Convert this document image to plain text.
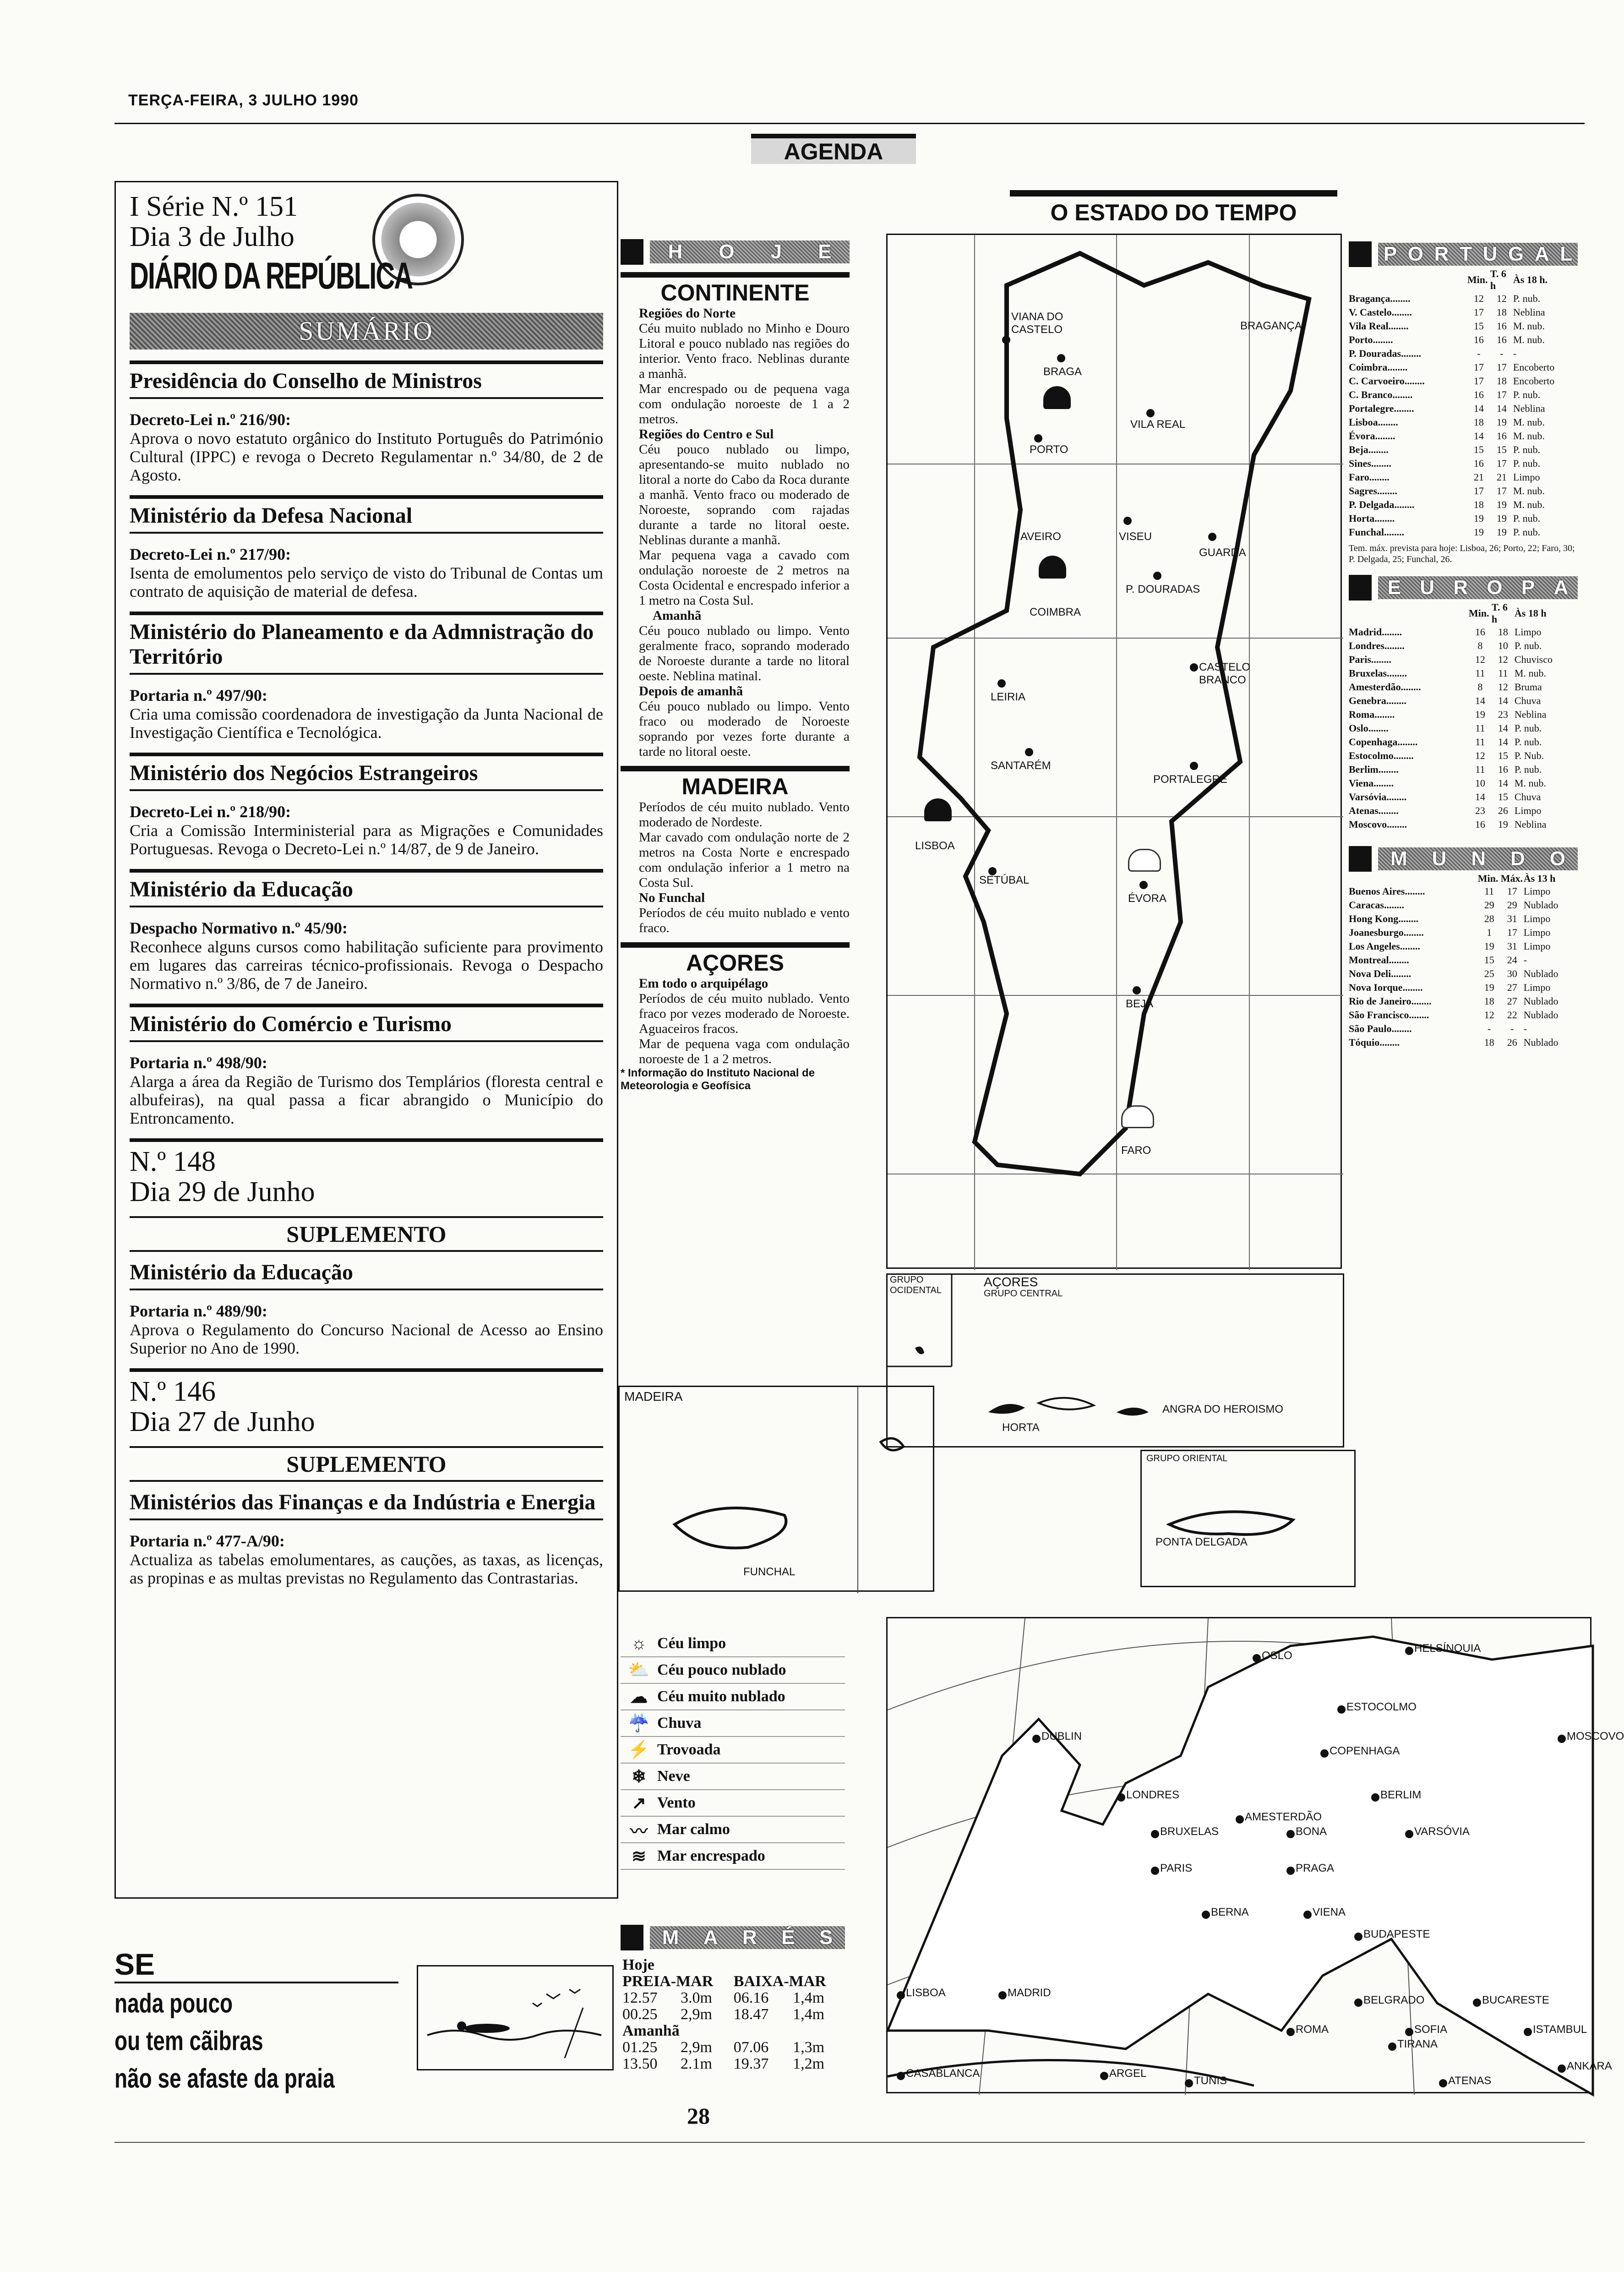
TERÇA-FEIRA, 3 JULHO 1990
AGENDA
I Série N.º 151
Dia 3 de Julho
DIÁRIO DA REPÚBLICA
SUMÁRIO
Presidência do Conselho de Ministros
Decreto-Lei n.º 216/90:
Aprova o novo estatuto orgânico do Instituto Português do Património Cultural (IPPC) e revoga o Decreto Regulamentar n.º 34/80, de 2 de Agosto.
Ministério da Defesa Nacional
Decreto-Lei n.º 217/90:
Isenta de emolumentos pelo serviço de visto do Tribunal de Contas um contrato de aquisição de material de defesa.
Ministério do Planeamento e da Admnistração do Território
Portaria n.º 497/90:
Cria uma comissão coordenadora de investigação da Junta Nacional de Investigação Científica e Tecnológica.
Ministério dos Negócios Estrangeiros
Decreto-Lei n.º 218/90:
Cria a Comissão Interministerial para as Migrações e Comunidades Portuguesas. Revoga o Decreto-Lei n.º 14/87, de 9 de Janeiro.
Ministério da Educação
Despacho Normativo n.º 45/90:
Reconhece alguns cursos como habilitação suficiente para provimento em lugares das carreiras técnico-profissionais. Revoga o Despacho Normativo n.º 3/86, de 7 de Janeiro.
Ministério do Comércio e Turismo
Portaria n.º 498/90:
Alarga a área da Região de Turismo dos Templários (floresta central e albufeiras), na qual passa a ficar abrangido o Município do Entroncamento.
N.º 148
Dia 29 de Junho
SUPLEMENTO
Ministério da Educação
Portaria n.º 489/90:
Aprova o Regulamento do Concurso Nacional de Acesso ao Ensino Superior no Ano de 1990.
N.º 146
Dia 27 de Junho
SUPLEMENTO
Ministérios das Finanças e da Indústria e Energia
Portaria n.º 477-A/90:
Actualiza as tabelas emolumentares, as cauções, as taxas, as licenças, as propinas e as multas previstas no Regulamento das Contrastarias.
SE
nada pouco
ou tem cãibras
não se afaste da praia
H O J E
CONTINENTE
Regiões do Norte
Céu muito nublado no Minho e Douro Litoral e pouco nublado nas regiões do interior. Vento fraco. Neblinas durante a manhã.
Mar encrespado ou de pequena vaga com ondulação noroeste de 1 a 2 metros.
Regiões do Centro e Sul
Céu pouco nublado ou limpo, apresentando-se muito nublado no litoral a norte do Cabo da Roca durante a manhã. Vento fraco ou moderado de Noroeste, soprando com rajadas durante a tarde no litoral oeste. Neblinas durante a manhã.
Mar pequena vaga a cavado com ondulação noroeste de 2 metros na Costa Ocidental e encrespado inferior a 1 metro na Costa Sul.
Amanhã
Céu pouco nublado ou limpo. Vento geralmente fraco, soprando moderado de Noroeste durante a tarde no litoral oeste. Neblina matinal.
Depois de amanhã
Céu pouco nublado ou limpo. Vento fraco ou moderado de Noroeste soprando por vezes forte durante a tarde no litoral oeste.
MADEIRA
Períodos de céu muito nublado. Vento moderado de Nordeste.
Mar cavado com ondulação norte de 2 metros na Costa Norte e encrespado com ondulação inferior a 1 metro na Costa Sul.
No Funchal
Períodos de céu muito nublado e vento fraco.
AÇORES
Em todo o arquipélago
Períodos de céu muito nublado. Vento fraco por vezes moderado de Noroeste. Aguaceiros fracos.
Mar de pequena vaga com ondulação noroeste de 1 a 2 metros.
* Informação do Instituto Nacional de Meteorologia e Geofísica
O ESTADO DO TEMPO
VIANA DO CASTELO
BRAGA
BRAGANÇA
PORTO
VILA REAL
AVEIRO	VISEU
GUARDA
P. DOURADAS
COIMBRA
CASTELO BRANCO
LEIRIA
SANTARÉM
PORTALEGRE
LISBOA
SETÚBAL
ÉVORA
BEJA
FARO
GRUPO OCIDENTAL
AÇORES
GRUPO CENTRAL
HORTA
ANGRA DO HEROISMO
MADEIRA
FUNCHAL
GRUPO ORIENTAL
PONTA DELGADA
☼ Céu limpo
⛅ Céu pouco nublado
☁ Céu muito nublado
☔ Chuva
⚡ Trovoada
❄ Neve
↗ Vento
〰 Mar calmo
≋ Mar encrespado
M A R É S
Hoje			
PREIA-MAR		BAIXA-MAR	
12.57	3.0m	06.16	1,4m
00.25	2,9m	18.47	1,4m
Amanhã			
01.25	2,9m	07.06	1,3m
13.50	2.1m	19.37	1,2m
HELSÍNQUIA
OSLO
ESTOCOLMO
MOSCOVO
DUBLIN
COPENHAGA
LONDRES
AMESTERDÃO
BERLIM
BRUXELAS	BONA	VARSÓVIA
PARIS	PRAGA
BERNA	VIENA
BUDAPESTE
LISBOA	MADRID
BELGRADO	BUCARESTE
ROMA	SOFIA	ISTAMBUL
TIRANA
ANKARA
CASABLANCA	ARGEL
TUNIS	ATENAS
P O R T U G A L
	Min.	T. 6 h	Às 18 h.
Bragança........	12	12	P. nub.
V. Castelo........	17	18	Neblina
Vila Real........	15	16	M. nub.
Porto........	16	16	M. nub.
P. Douradas........	-	-	-
Coimbra........	17	17	Encoberto
C. Carvoeiro........	17	18	Encoberto
C. Branco........	16	17	P. nub.
Portalegre........	14	14	Neblina
Lisboa........	18	19	M. nub.
Évora........	14	16	M. nub.
Beja........	15	15	P. nub.
Sines........	16	17	P. nub.
Faro........	21	21	Limpo
Sagres........	17	17	M. nub.
P. Delgada........	18	19	M. nub.
Horta........	19	19	P. nub.
Funchal........	19	19	P. nub.
Tem. máx. prevista para hoje: Lisboa, 26; Porto, 22; Faro, 30; P. Delgada, 25; Funchal, 26.
E U R O P A
	Min.	T. 6 h	Às 18 h
Madrid........	16	18	Limpo
Londres........	8	10	P. nub.
Paris........	12	12	Chuvisco
Bruxelas........	11	11	M. nub.
Amesterdão........	8	12	Bruma
Genebra........	14	14	Chuva
Roma........	19	23	Neblina
Oslo........	11	14	P. nub.
Copenhaga........	11	14	P. nub.
Estocolmo........	12	15	P. Nub.
Berlim........	11	16	P. nub.
Viena........	10	14	M. nub.
Varsóvia........	14	15	Chuva
Atenas........	23	26	Limpo
Moscovo........	16	19	Neblina
M U N D O
	Min.	Máx.	Às 13 h
Buenos Aires........	11	17	Limpo
Caracas........	29	29	Nublado
Hong Kong........	28	31	Limpo
Joanesburgo........	1	17	Limpo
Los Angeles........	19	31	Limpo
Montreal........	15	24	-
Nova Deli........	25	30	Nublado
Nova Iorque........	19	27	Limpo
Rio de Janeiro........	18	27	Nublado
São Francisco........	12	22	Nublado
São Paulo........	-	-	-
Tóquio........	18	26	Nublado
28
